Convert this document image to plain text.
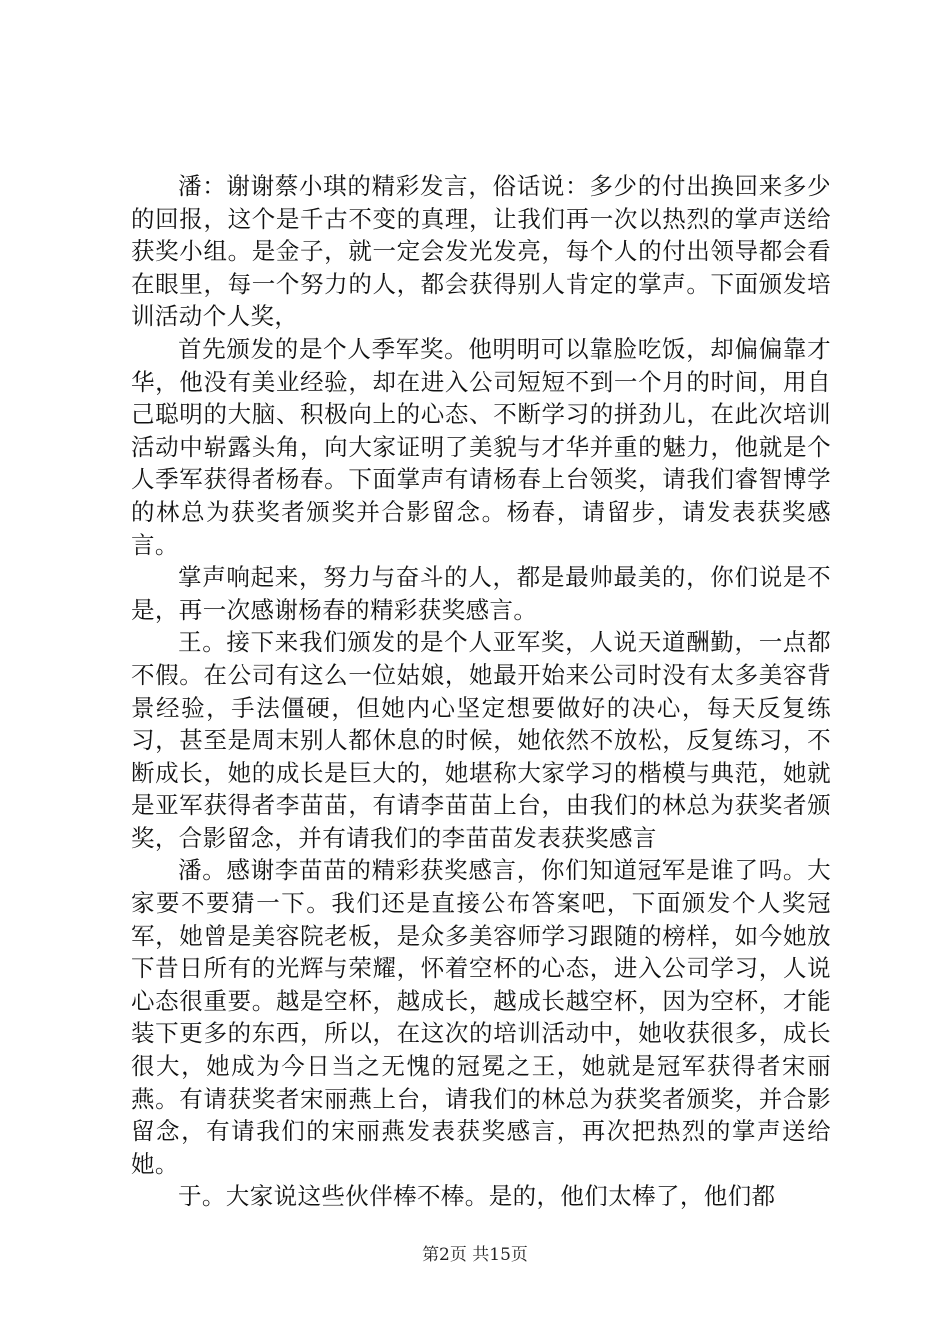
潘：谢谢蔡小琪的精彩发言，俗话说：多少的付出换回来多少的回报，这个是千古不变的真理，让我们再一次以热烈的掌声送给获奖小组。是金子，就一定会发光发亮，每个人的付出领导都会看在眼里，每一个努力的人，都会获得别人肯定的掌声。下面颁发培训活动个人奖，

首先颁发的是个人季军奖。他明明可以靠脸吃饭，却偏偏靠才华，他没有美业经验，却在进入公司短短不到一个月的时间，用自己聪明的大脑、积极向上的心态、不断学习的拼劲儿，在此次培训活动中崭露头角，向大家证明了美貌与才华并重的魅力，他就是个人季军获得者杨春。下面掌声有请杨春上台领奖，请我们睿智博学的林总为获奖者颁奖并合影留念。杨春，请留步，请发表获奖感言。

掌声响起来，努力与奋斗的人，都是最帅最美的，你们说是不是，再一次感谢杨春的精彩获奖感言。

王。接下来我们颁发的是个人亚军奖，人说天道酬勤，一点都不假。在公司有这么一位姑娘，她最开始来公司时没有太多美容背景经验，手法僵硬，但她内心坚定想要做好的决心，每天反复练习，甚至是周末别人都休息的时候，她依然不放松，反复练习，不断成长，她的成长是巨大的，她堪称大家学习的楷模与典范，她就是亚军获得者李苗苗，有请李苗苗上台，由我们的林总为获奖者颁奖，合影留念，并有请我们的李苗苗发表获奖感言

潘。感谢李苗苗的精彩获奖感言，你们知道冠军是谁了吗。大家要不要猜一下。我们还是直接公布答案吧，下面颁发个人奖冠军，她曾是美容院老板，是众多美容师学习跟随的榜样，如今她放下昔日所有的光辉与荣耀，怀着空杯的心态，进入公司学习，人说心态很重要。越是空杯，越成长，越成长越空杯，因为空杯，才能装下更多的东西，所以，在这次的培训活动中，她收获很多，成长很大，她成为今日当之无愧的冠冕之王，她就是冠军获得者宋丽燕。有请获奖者宋丽燕上台，请我们的林总为获奖者颁奖，并合影留念，有请我们的宋丽燕发表获奖感言，再次把热烈的掌声送给她。

于。大家说这些伙伴棒不棒。是的，他们太棒了，他们都

第2页 共15页
